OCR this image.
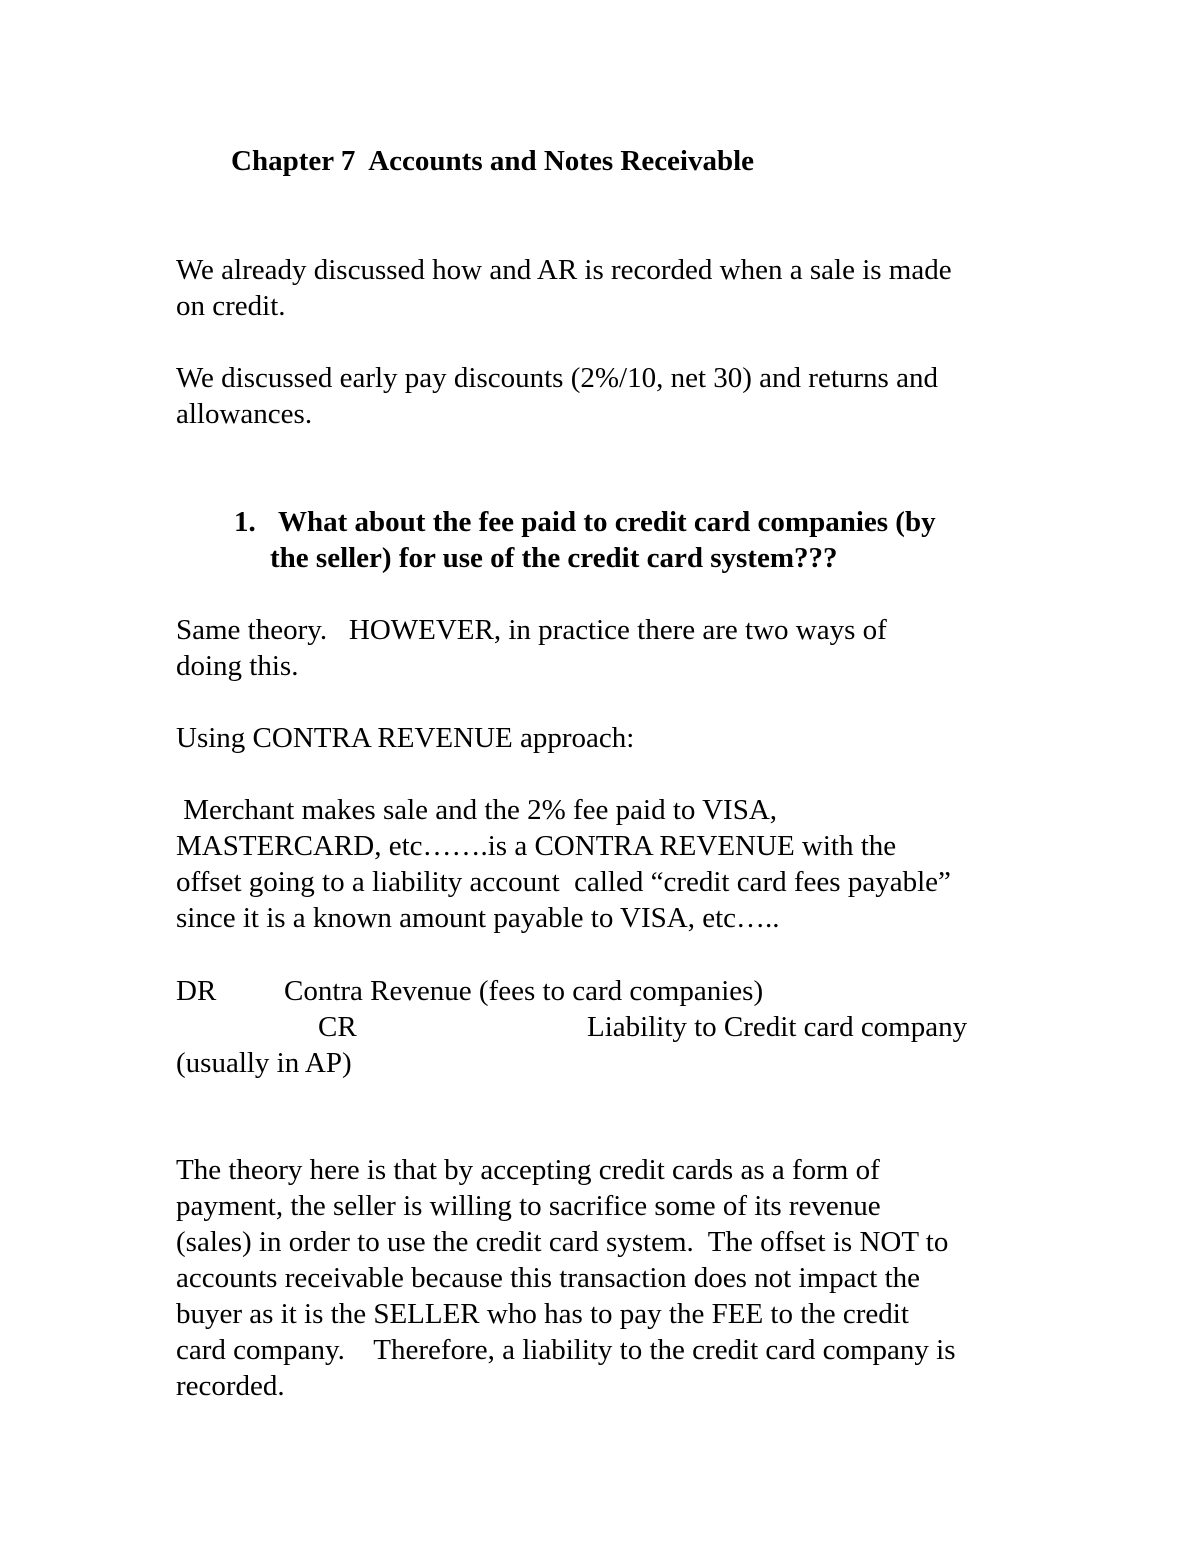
Chapter 7  Accounts and Notes Receivable

We already discussed how and AR is recorded when a sale is made

on credit.

We discussed early pay discounts (2%/10, net 30) and returns and

allowances.

1. What about the fee paid to credit card companies (by

the seller) for use of the credit card system???

Same theory.   HOWEVER, in practice there are two ways of

doing this.

Using CONTRA REVENUE approach:

Merchant makes sale and the 2% fee paid to VISA,

MASTERCARD, etc…….is a CONTRA REVENUE with the

offset going to a liability account  called “credit card fees payable”

since it is a known amount payable to VISA, etc…..

DR Contra Revenue (fees to card companies)

CR	Liability to Credit card company

(usually in AP)

The theory here is that by accepting credit cards as a form of

payment, the seller is willing to sacrifice some of its revenue

(sales) in order to use the credit card system.  The offset is NOT to

accounts receivable because this transaction does not impact the

buyer as it is the SELLER who has to pay the FEE to the credit

card company.    Therefore, a liability to the credit card company is

recorded.
